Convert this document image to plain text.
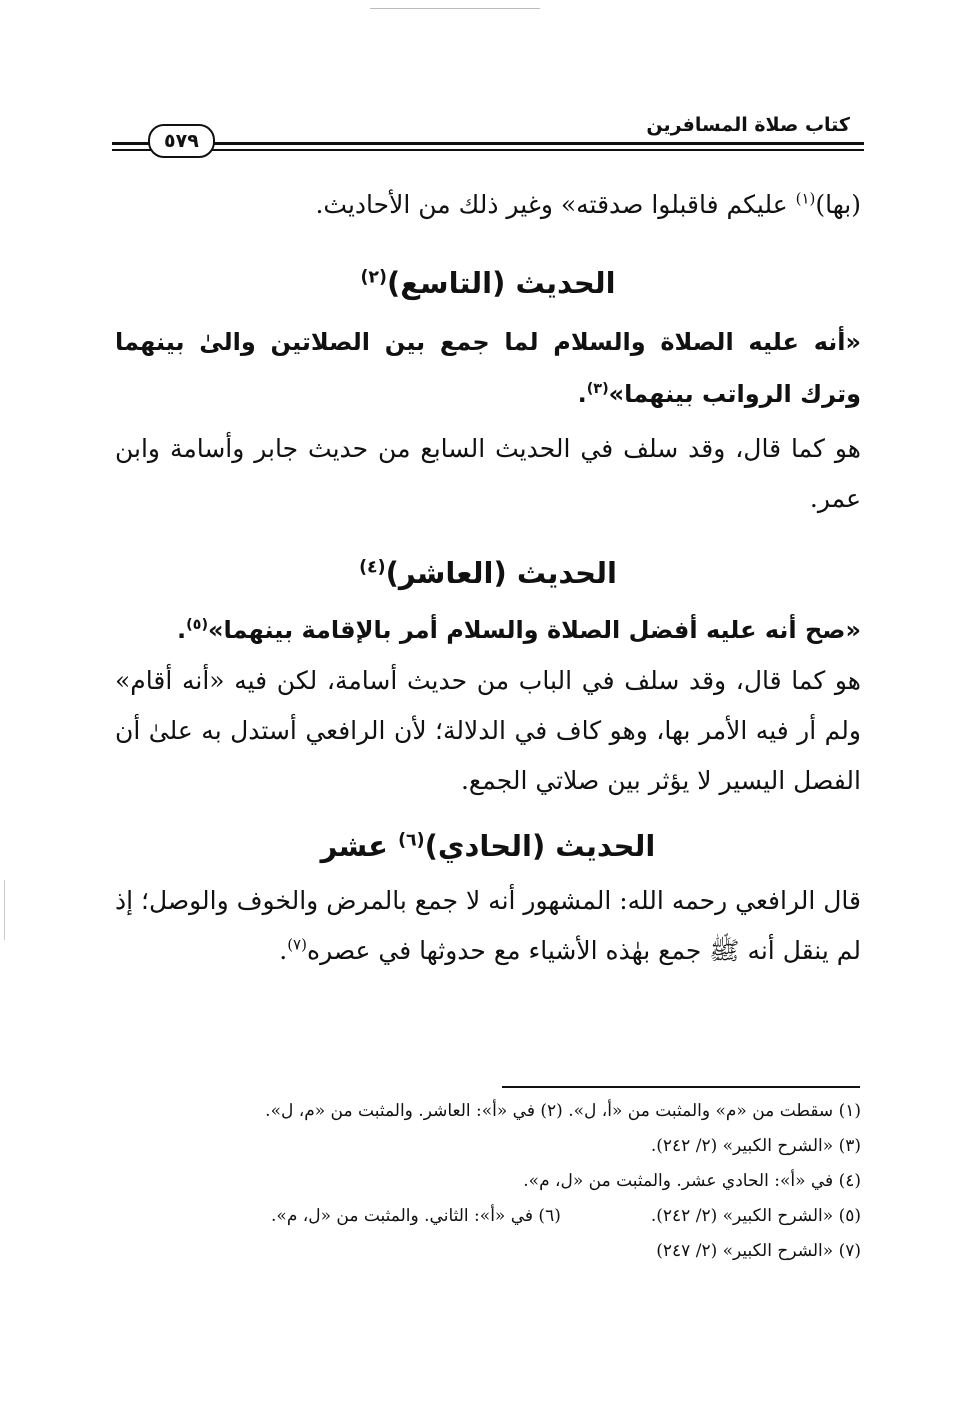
كتاب صلاة المسافرين
٥٧٩

(بها)$^{(١)}$ عليكم فاقبلوا صدقته» وغير ذلك من الأحاديث.

الحديث (التاسع)$^{(٢)}$

«أنه عليه الصلاة والسلام لما جمع بين الصلاتين والىٰ بينهما وترك الرواتب بينهما»$^{(٣)}$.

هو كما قال، وقد سلف في الحديث السابع من حديث جابر وأسامة وابن عمر.

الحديث (العاشر)$^{(٤)}$

«صح أنه عليه أفضل الصلاة والسلام أمر بالإقامة بينهما»$^{(٥)}$.

هو كما قال، وقد سلف في الباب من حديث أسامة، لكن فيه «أنه أقام» ولم أر فيه الأمر بها، وهو كاف في الدلالة؛ لأن الرافعي أستدل به علىٰ أن الفصل اليسير لا يؤثر بين صلاتي الجمع.

الحديث (الحادي)$^{(٦)}$ عشر

قال الرافعي رحمه الله: المشهور أنه لا جمع بالمرض والخوف والوصل؛ إذ لم ينقل أنه ﷺ جمع بهٰذه الأشياء مع حدوثها في عصره$^{(٧)}$.

(١) سقطت من «م» والمثبت من «أ، ل». (٢) في «أ»: العاشر. والمثبت من «م، ل».

(٣) «الشرح الكبير» (٢/ ٢٤٢).

(٤) في «أ»: الحادي عشر. والمثبت من «ل، م».

(٥) «الشرح الكبير» (٢/ ٢٤٢).(٦) في «أ»: الثاني. والمثبت من «ل، م».

(٧) «الشرح الكبير» (٢/ ٢٤٧)
